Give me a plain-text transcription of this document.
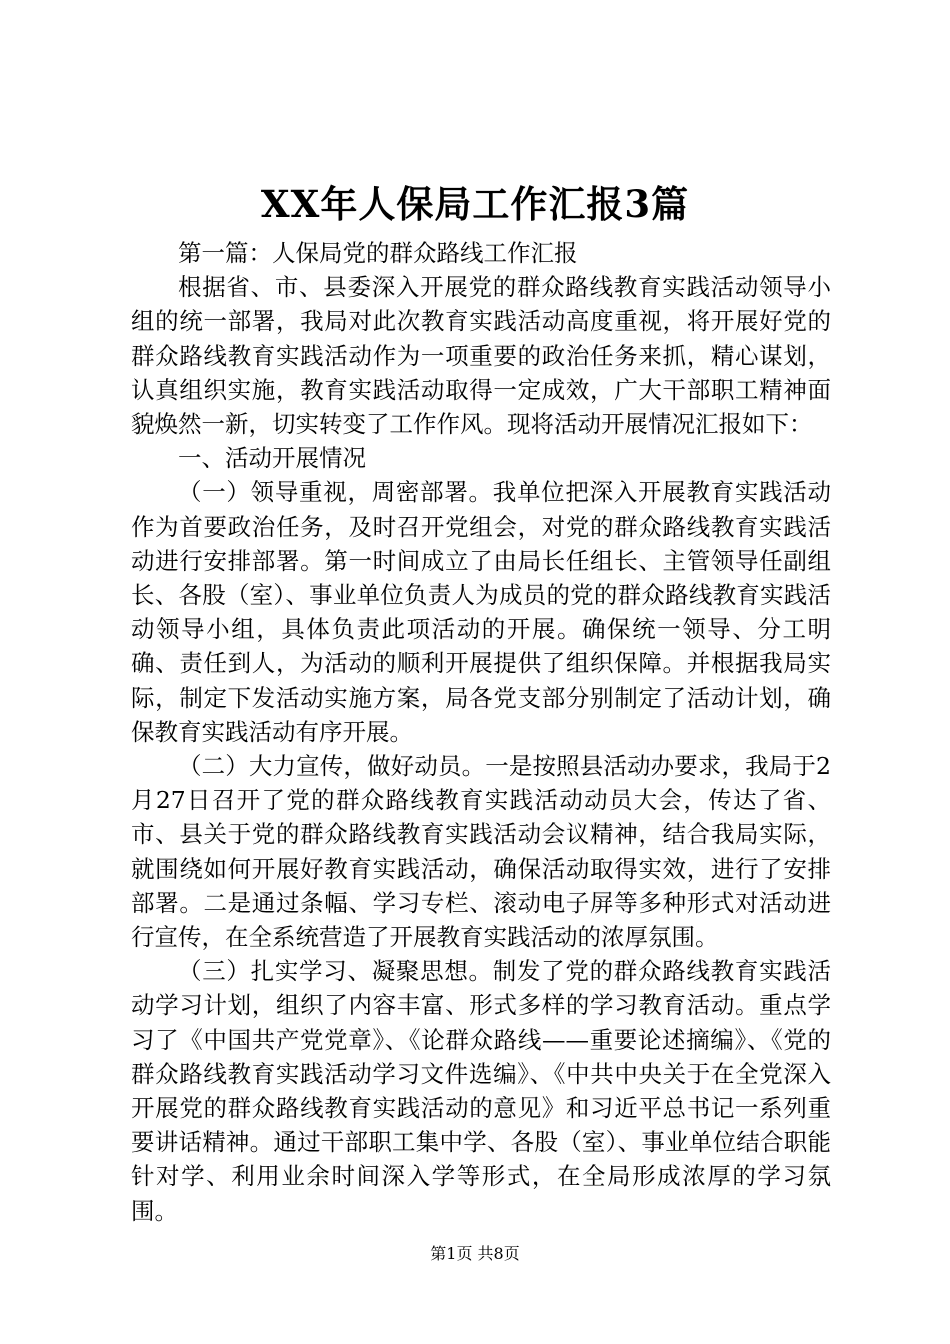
XX年人保局工作汇报3篇

第一篇：人保局党的群众路线工作汇报

根据省、市、县委深入开展党的群众路线教育实践活动领导小组的统一部署，我局对此次教育实践活动高度重视，将开展好党的群众路线教育实践活动作为一项重要的政治任务来抓，精心谋划，认真组织实施，教育实践活动取得一定成效，广大干部职工精神面貌焕然一新，切实转变了工作作风。现将活动开展情况汇报如下：

一、活动开展情况

（一）领导重视，周密部署。我单位把深入开展教育实践活动作为首要政治任务，及时召开党组会，对党的群众路线教育实践活动进行安排部署。第一时间成立了由局长任组长、主管领导任副组长、各股（室）、事业单位负责人为成员的党的群众路线教育实践活动领导小组，具体负责此项活动的开展。确保统一领导、分工明确、责任到人，为活动的顺利开展提供了组织保障。并根据我局实际，制定下发活动实施方案，局各党支部分别制定了活动计划，确保教育实践活动有序开展。

（二）大力宣传，做好动员。一是按照县活动办要求，我局于2月27日召开了党的群众路线教育实践活动动员大会，传达了省、市、县关于党的群众路线教育实践活动会议精神，结合我局实际，就围绕如何开展好教育实践活动，确保活动取得实效，进行了安排部署。二是通过条幅、学习专栏、滚动电子屏等多种形式对活动进行宣传，在全系统营造了开展教育实践活动的浓厚氛围。

（三）扎实学习、凝聚思想。制发了党的群众路线教育实践活动学习计划，组织了内容丰富、形式多样的学习教育活动。重点学习了《中国共产党党章》、《论群众路线——重要论述摘编》、《党的群众路线教育实践活动学习文件选编》、《中共中央关于在全党深入开展党的群众路线教育实践活动的意见》和习近平总书记一系列重要讲话精神。通过干部职工集中学、各股（室）、事业单位结合职能针对学、利用业余时间深入学等形式，在全局形成浓厚的学习氛围。

第1页 共8页
